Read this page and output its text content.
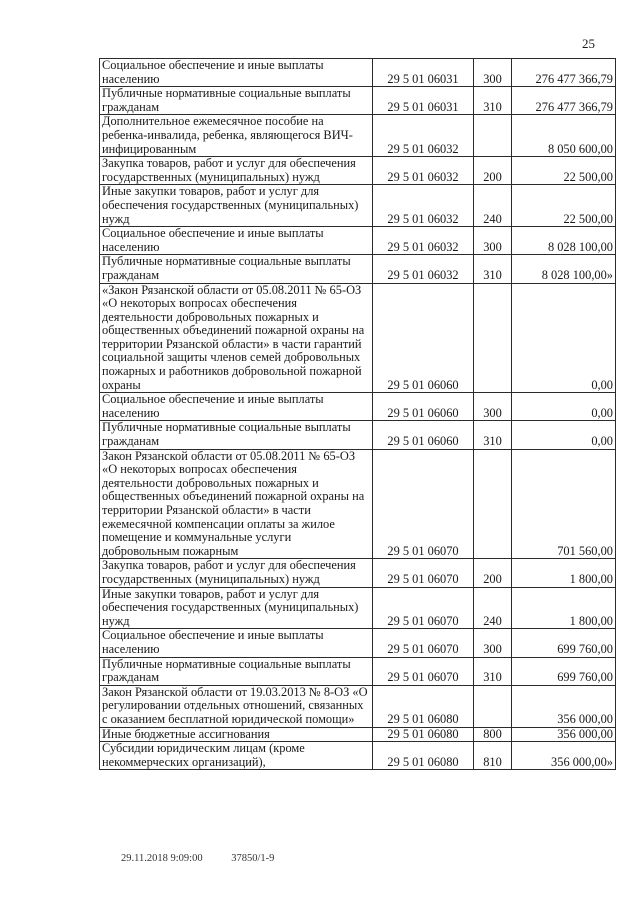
25
Социальное обеспечение и иные выплаты населению	29 5 01 06031	300	276 477 366,79
Публичные нормативные социальные выплаты гражданам	29 5 01 06031	310	276 477 366,79
Дополнительное ежемесячное пособие на ребенка-инвалида, ребенка, являющегося ВИЧ-инфицированным	29 5 01 06032		8 050 600,00
Закупка товаров, работ и услуг для обеспечения государственных (муниципальных) нужд	29 5 01 06032	200	22 500,00
Иные закупки товаров, работ и услуг для обеспечения государственных (муниципальных) нужд	29 5 01 06032	240	22 500,00
Социальное обеспечение и иные выплаты населению	29 5 01 06032	300	8 028 100,00
Публичные нормативные социальные выплаты гражданам	29 5 01 06032	310	8 028 100,00»
«Закон Рязанской области от 05.08.2011 № 65-ОЗ «О некоторых вопросах обеспечения деятельности добровольных пожарных и общественных объединений пожарной охраны на территории Рязанской области» в части гарантий социальной защиты членов семей добровольных пожарных и работников добровольной пожарной охраны	29 5 01 06060		0,00
Социальное обеспечение и иные выплаты населению	29 5 01 06060	300	0,00
Публичные нормативные социальные выплаты гражданам	29 5 01 06060	310	0,00
Закон Рязанской области от 05.08.2011 № 65-ОЗ «О некоторых вопросах обеспечения деятельности добровольных пожарных и общественных объединений пожарной охраны на территории Рязанской области» в части ежемесячной компенсации оплаты за жилое помещение и коммунальные услуги добровольным пожарным	29 5 01 06070		701 560,00
Закупка товаров, работ и услуг для обеспечения государственных (муниципальных) нужд	29 5 01 06070	200	1 800,00
Иные закупки товаров, работ и услуг для обеспечения государственных (муниципальных) нужд	29 5 01 06070	240	1 800,00
Социальное обеспечение и иные выплаты населению	29 5 01 06070	300	699 760,00
Публичные нормативные социальные выплаты гражданам	29 5 01 06070	310	699 760,00
Закон Рязанской области от 19.03.2013 № 8-ОЗ «О регулировании отдельных отношений, связанных с оказанием бесплатной юридической помощи»	29 5 01 06080		356 000,00
Иные бюджетные ассигнования	29 5 01 06080	800	356 000,00
Субсидии юридическим лицам (кроме некоммерческих организаций),	29 5 01 06080	810	356 000,00»
29.11.2018 9:09:00	37850/1-9
